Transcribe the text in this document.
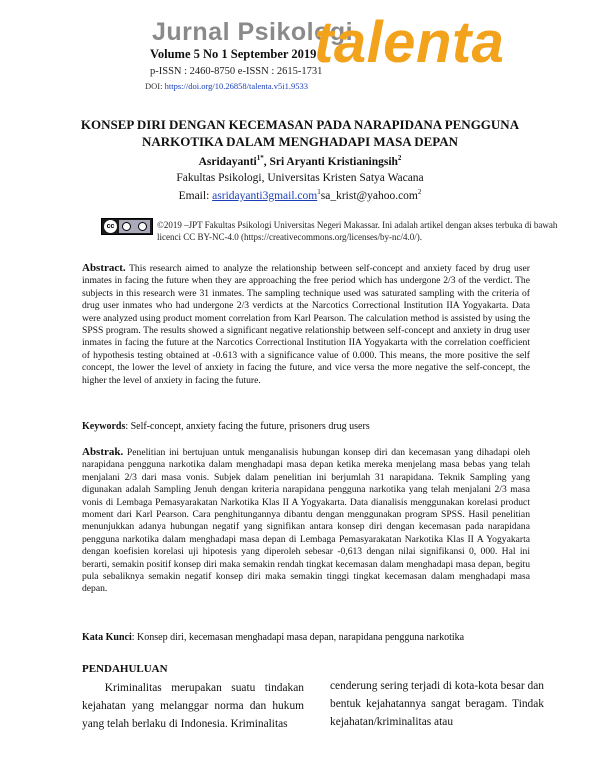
Jurnal Psikologi
talenta
Volume 5 No 1 September 2019
p-ISSN : 2460-8750 e-ISSN : 2615-1731
DOI: https://doi.org/10.26858/talenta.v5i1.9533
KONSEP DIRI DENGAN KECEMASAN PADA NARAPIDANA PENGGUNA NARKOTIKA DALAM MENGHADAPI MASA DEPAN
Asridayanti$^{1*}$, Sri Aryanti Kristianingsih$^2$
Fakultas Psikologi, Universitas Kristen Satya Wacana
Email: asridayanti3gmail.com$^1$sa_krist@yahoo.com$^2$
cc	©2019 –JPT Fakultas Psikologi Universitas Negeri Makassar. Ini adalah artikel dengan akses terbuka di bawah licenci CC BY-NC-4.0 (https://creativecommons.org/licenses/by-nc/4.0/).

Abstract. This research aimed to analyze the relationship between self-concept and anxiety faced by drug user inmates in facing the future when they are approaching the free period which has undergone 2/3 of the verdict. The subjects in this research were 31 inmates. The sampling technique used was saturated sampling with the criteria of drug user inmates who had undergone 2/3 verdicts at the Narcotics Correctional Institution IIA Yogyakarta. Data were analyzed using product moment correlation from Karl Pearson. The calculation method is assisted by using the SPSS program. The results showed a significant negative relationship between self-concept and anxiety in drug user inmates in facing the future at the Narcotics Correctional Institution IIA Yogyakarta with the correlation coefficient of hypothesis testing obtained at -0.613 with a significance value of 0.000. This means, the more positive the self concept, the lower the level of anxiety in facing the future, and vice versa the more negative the self-concept, the higher the level of anxiety in facing the future.

Keywords: Self-concept, anxiety facing the future, prisoners drug users

Abstrak. Penelitian ini bertujuan untuk menganalisis hubungan konsep diri dan kecemasan yang dihadapi oleh narapidana pengguna narkotika dalam menghadapi masa depan ketika mereka menjelang masa bebas yang telah menjalani 2/3 dari masa vonis. Subjek dalam penelitian ini berjumlah 31 narapidana. Teknik Sampling yang digunakan adalah Sampling Jenuh dengan kriteria narapidana pengguna narkotika yang telah menjalani 2/3 masa vonis di Lembaga Pemasyarakatan Narkotika Klas II A Yogyakarta. Data dianalisis menggunakan korelasi product moment dari Karl Pearson. Cara penghitungannya dibantu dengan menggunakan program SPSS. Hasil penelitian menunjukkan adanya hubungan negatif yang signifikan antara konsep diri dengan kecemasan pada narapidana pengguna narkotika dalam menghadapi masa depan di Lembaga Pemasyarakatan Narkotika Klas II A Yogyakarta dengan koefisien korelasi uji hipotesis yang diperoleh sebesar -0,613 dengan nilai signifikansi 0, 000. Hal ini berarti, semakin positif konsep diri maka semakin rendah tingkat kecemasan dalam menghadapi masa depan, begitu pula sebaliknya semakin negatif konsep diri maka semakin tinggi tingkat kecemasan dalam menghadapi masa depan.

Kata Kunci: Konsep diri, kecemasan menghadapi masa depan, narapidana pengguna narkotika

PENDAHULUAN

Kriminalitas merupakan suatu tindakan kejahatan yang melanggar norma dan hukum yang telah berlaku di Indonesia. Kriminalitas

cenderung sering terjadi di kota-kota besar dan bentuk kejahatannya sangat beragam. Tindak kejahatan/kriminalitas atau
